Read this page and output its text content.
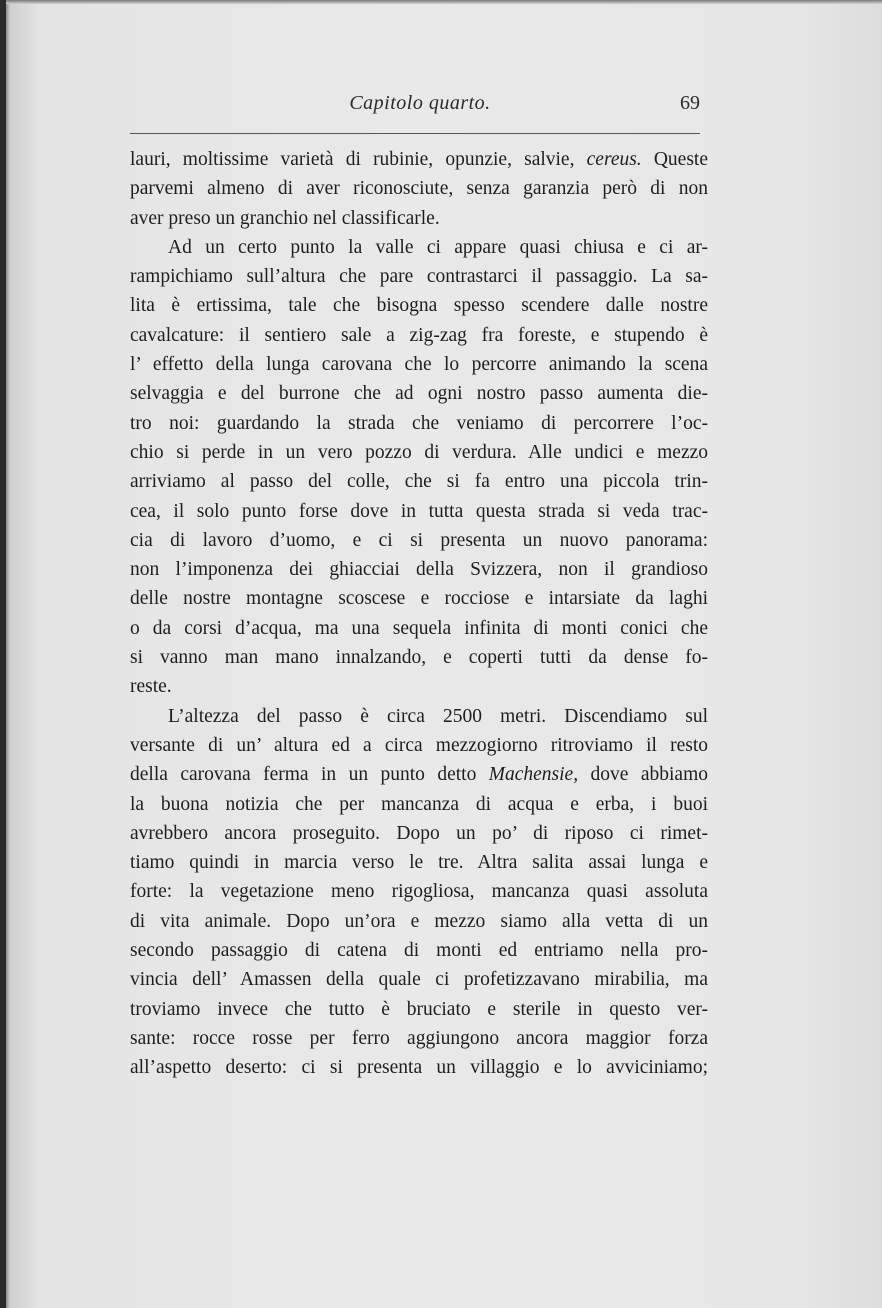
Capitolo quarto.	69
lauri, moltissime varietà di rubinie, opunzie, salvie, cereus. Queste
parvemi almeno di aver riconosciute, senza garanzia però di non
aver preso un granchio nel classificarle.
Ad un certo punto la valle ci appare quasi chiusa e ci ar-
rampichiamo sull’altura che pare contrastarci il passaggio. La sa-
lita è ertissima, tale che bisogna spesso scendere dalle nostre
cavalcature: il sentiero sale a zig-zag fra foreste, e stupendo è
l’ effetto della lunga carovana che lo percorre animando la scena
selvaggia e del burrone che ad ogni nostro passo aumenta die-
tro noi: guardando la strada che veniamo di percorrere l’oc-
chio si perde in un vero pozzo di verdura. Alle undici e mezzo
arriviamo al passo del colle, che si fa entro una piccola trin-
cea, il solo punto forse dove in tutta questa strada si veda trac-
cia di lavoro d’uomo, e ci si presenta un nuovo panorama:
non l’imponenza dei ghiacciai della Svizzera, non il grandioso
delle nostre montagne scoscese e rocciose e intarsiate da laghi
o da corsi d’acqua, ma una sequela infinita di monti conici che
si vanno man mano innalzando, e coperti tutti da dense fo-
reste.
L’altezza del passo è circa 2500 metri. Discendiamo sul
versante di un’ altura ed a circa mezzogiorno ritroviamo il resto
della carovana ferma in un punto detto Machensie, dove abbiamo
la buona notizia che per mancanza di acqua e erba, i buoi
avrebbero ancora proseguito. Dopo un po’ di riposo ci rimet-
tiamo quindi in marcia verso le tre. Altra salita assai lunga e
forte: la vegetazione meno rigogliosa, mancanza quasi assoluta
di vita animale. Dopo un’ora e mezzo siamo alla vetta di un
secondo passaggio di catena di monti ed entriamo nella pro-
vincia dell’ Amassen della quale ci profetizzavano mirabilia, ma
troviamo invece che tutto è bruciato e sterile in questo ver-
sante: rocce rosse per ferro aggiungono ancora maggior forza
all’aspetto deserto: ci si presenta un villaggio e lo avviciniamo;
